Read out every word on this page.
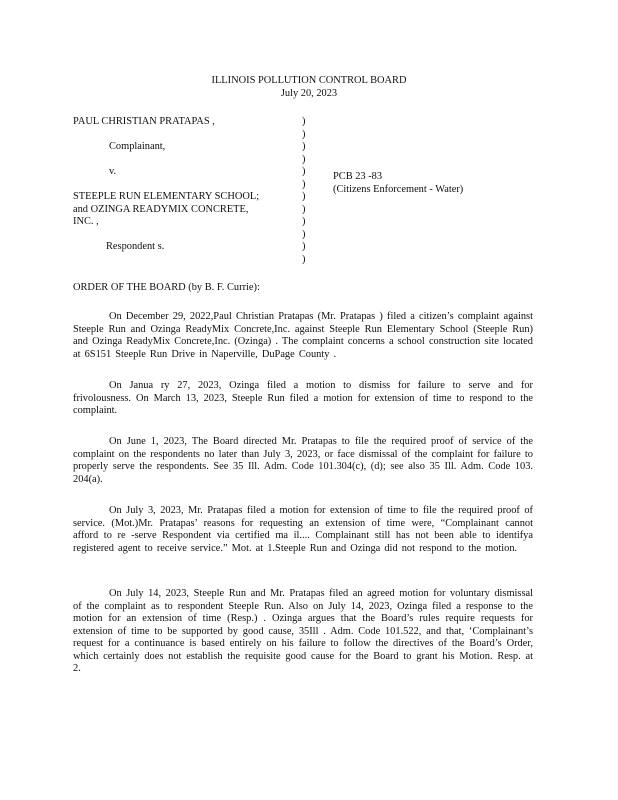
ILLINOIS POLLUTION CONTROL BOARD
July 20, 2023
PAUL CHRISTIAN PRATAPAS ,
Complainant,
v.
STEEPLE RUN ELEMENTARY SCHOOL;
and OZINGA READYMIX CONCRETE,
INC. ,
Respondent s.
)
)
)
)
)
)
)
)
)
)
)
)
PCB 23 -83
(Citizens Enforcement - Water)
ORDER OF THE BOARD (by B. F. Currie):

On December 29, 2022,Paul Christian Pratapas (Mr. Pratapas ) filed a citizen’s complaint against Steeple Run and Ozinga ReadyMix Concrete,Inc. against Steeple Run Elementary School (Steeple Run) and Ozinga ReadyMix Concrete,Inc. (Ozinga) . The complaint concerns a school construction site located at 6S151 Steeple Run Drive in Naperville, DuPage County .

On Janua ry 27, 2023, Ozinga filed a motion to dismiss for failure to serve and for frivolousness. On March 13, 2023, Steeple Run filed a motion for extension of time to respond to the complaint.

On June 1, 2023, The Board directed Mr. Pratapas to file the required proof of service of the complaint on the respondents no later than July 3, 2023, or face dismissal of the complaint for failure to properly serve the respondents. See 35 Ill. Adm. Code 101.304(c), (d); see also 35 Ill. Adm. Code 103. 204(a).

On July 3, 2023, Mr. Pratapas filed a motion for extension of time to file the required proof of service. (Mot.)Mr. Pratapas’ reasons for requesting an extension of time were, “Complainant cannot afford to re -serve Respondent via certified ma il.... Complainant still has not been able to identifya registered agent to receive service.” Mot. at 1.Steeple Run and Ozinga did not respond to the motion.

On July 14, 2023, Steeple Run and Mr. Pratapas filed an agreed motion for voluntary dismissal of the complaint as to respondent Steeple Run. Also on July 14, 2023, Ozinga filed a response to the motion for an extension of time (Resp.) . Ozinga argues that the Board’s rules require requests for extension of time to be supported by good cause, 35Ill . Adm. Code 101.522, and that, ‘Complainant’s request for a continuance is based entirely on his failure to follow the directives of the Board’s Order, which certainly does not establish the requisite good cause for the Board to grant his Motion. Resp. at 2.
